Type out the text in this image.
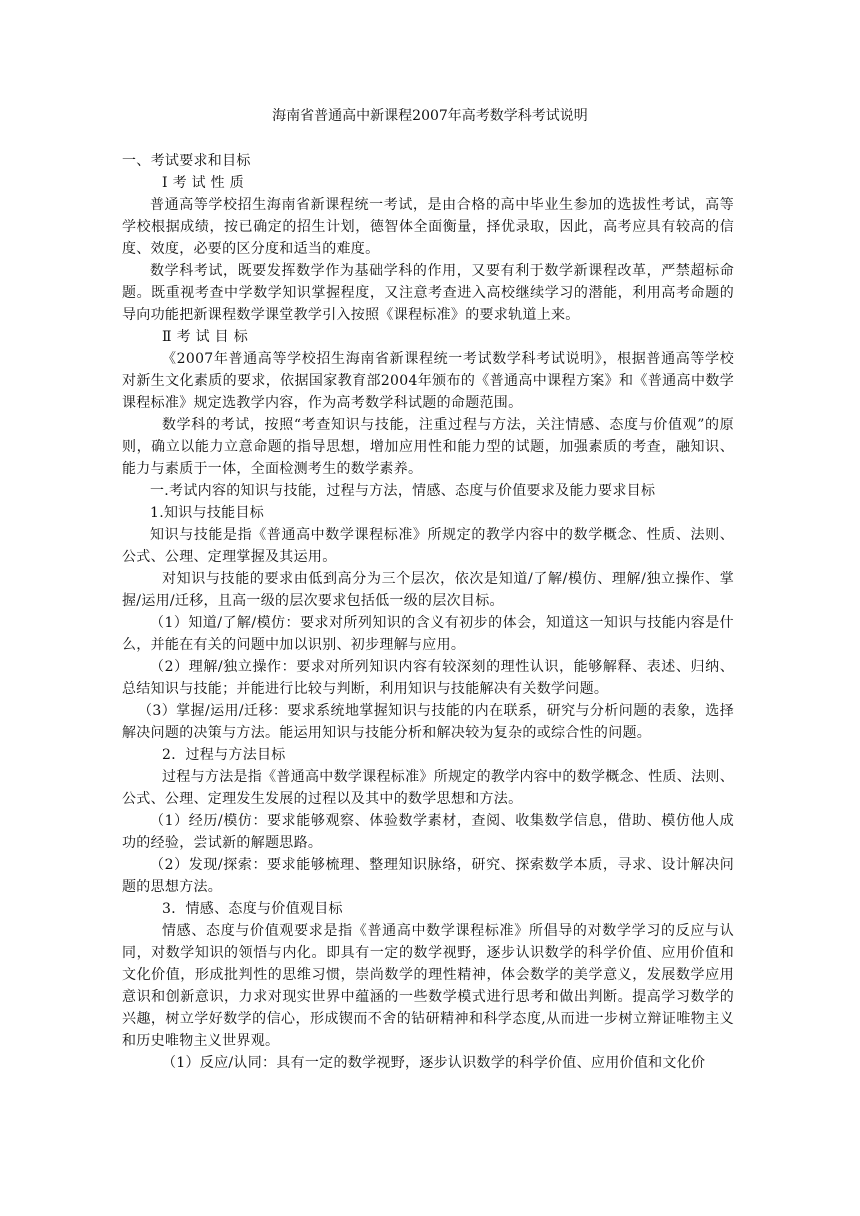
海南省普通高中新课程2007年高考数学科考试说明

一、考试要求和目标

Ⅰ 考 试 性 质

普通高等学校招生海南省新课程统一考试，是由合格的高中毕业生参加的选拔性考试，高等学校根据成绩，按已确定的招生计划，德智体全面衡量，择优录取，因此，高考应具有较高的信度、效度，必要的区分度和适当的难度。

数学科考试，既要发挥数学作为基础学科的作用，又要有利于数学新课程改革，严禁超标命题。既重视考查中学数学知识掌握程度，又注意考查进入高校继续学习的潜能，利用高考命题的导向功能把新课程数学课堂教学引入按照《课程标准》的要求轨道上来。

Ⅱ 考 试 目 标

《2007年普通高等学校招生海南省新课程统一考试数学科考试说明》，根据普通高等学校对新生文化素质的要求，依据国家教育部2004年颁布的《普通高中课程方案》和《普通高中数学课程标准》规定选教学内容，作为高考数学科试题的命题范围。

数学科的考试，按照“考查知识与技能，注重过程与方法，关注情感、态度与价值观”的原则，确立以能力立意命题的指导思想，增加应用性和能力型的试题，加强素质的考查，融知识、能力与素质于一体，全面检测考生的数学素养。

一.考试内容的知识与技能，过程与方法，情感、态度与价值要求及能力要求目标

1.知识与技能目标

知识与技能是指《普通高中数学课程标准》所规定的教学内容中的数学概念、性质、法则、公式、公理、定理掌握及其运用。

对知识与技能的要求由低到高分为三个层次，依次是知道/了解/模仿、理解/独立操作、掌握/运用/迁移，且高一级的层次要求包括低一级的层次目标。

（1）知道/了解/模仿：要求对所列知识的含义有初步的体会，知道这一知识与技能内容是什么，并能在有关的问题中加以识别、初步理解与应用。

（2）理解/独立操作：要求对所列知识内容有较深刻的理性认识，能够解释、表述、归纳、总结知识与技能；并能进行比较与判断，利用知识与技能解决有关数学问题。

（3）掌握/运用/迁移：要求系统地掌握知识与技能的内在联系，研究与分析问题的表象，选择解决问题的决策与方法。能运用知识与技能分析和解决较为复杂的或综合性的问题。

2．过程与方法目标

过程与方法是指《普通高中数学课程标准》所规定的教学内容中的数学概念、性质、法则、公式、公理、定理发生发展的过程以及其中的数学思想和方法。

（1）经历/模仿：要求能够观察、体验数学素材，查阅、收集数学信息，借助、模仿他人成功的经验，尝试新的解题思路。

（2）发现/探索：要求能够梳理、整理知识脉络，研究、探索数学本质，寻求、设计解决问题的思想方法。

3．情感、态度与价值观目标

情感、态度与价值观要求是指《普通高中数学课程标准》所倡导的对数学学习的反应与认同，对数学知识的领悟与内化。即具有一定的数学视野，逐步认识数学的科学价值、应用价值和文化价值，形成批判性的思维习惯，崇尚数学的理性精神，体会数学的美学意义，发展数学应用意识和创新意识，力求对现实世界中蕴涵的一些数学模式进行思考和做出判断。提高学习数学的兴趣，树立学好数学的信心，形成锲而不舍的钻研精神和科学态度,从而进一步树立辩证唯物主义和历史唯物主义世界观。

（1）反应/认同：具有一定的数学视野，逐步认识数学的科学价值、应用价值和文化价
